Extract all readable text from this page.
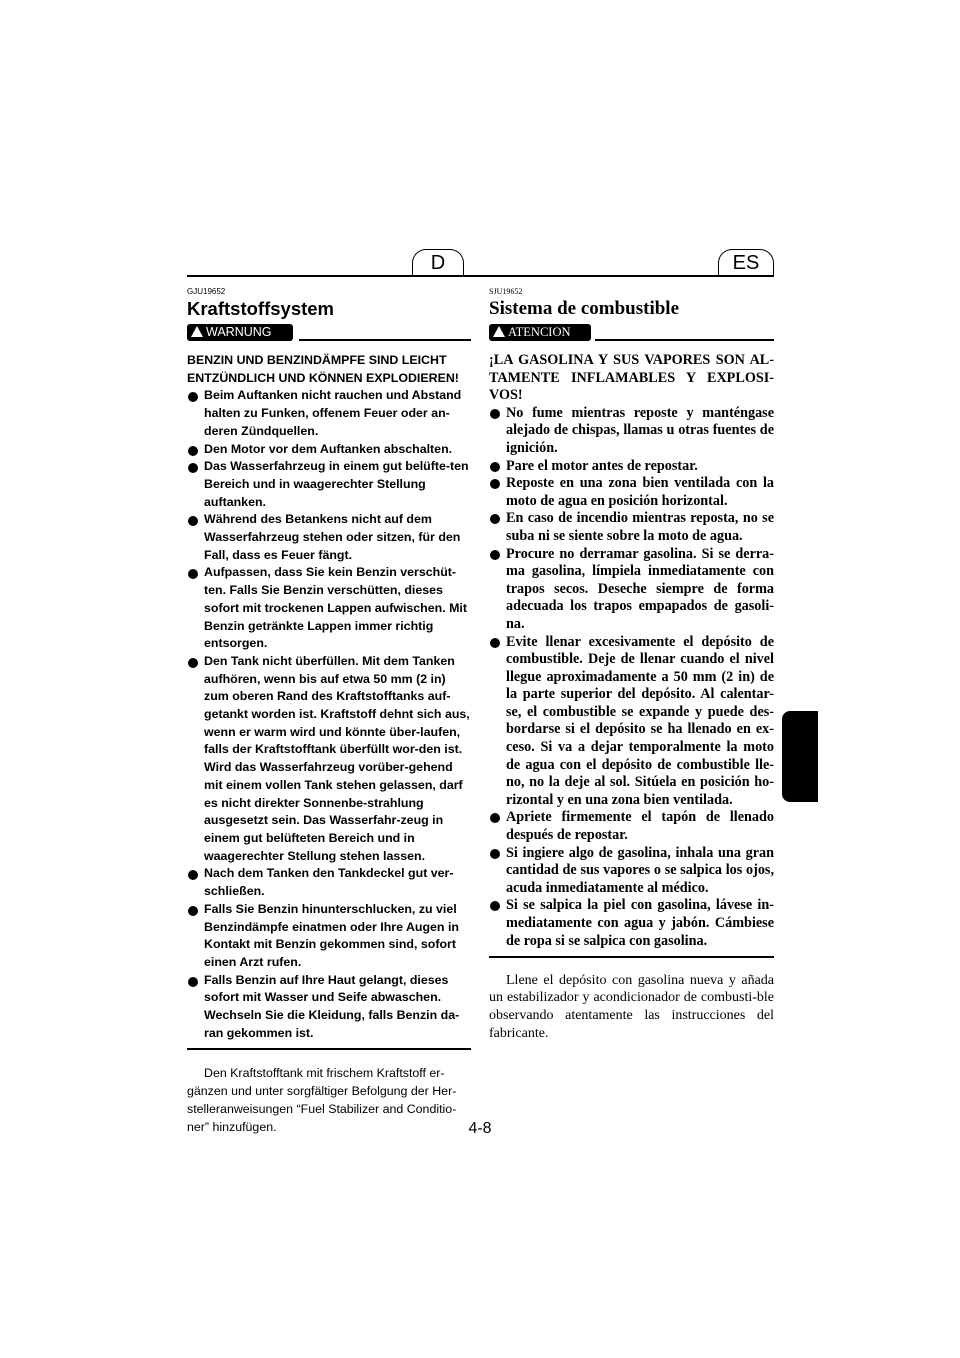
D	ES
GJU19652
Kraftstoffsystem
WARNUNG

BENZIN UND BENZINDÄMPFE SIND LEICHT ENTZÜNDLICH UND KÖNNEN EXPLODIEREN!

Beim Auftanken nicht rauchen und Abstand halten zu Funken, offenem Feuer oder an-deren Zündquellen.
Den Motor vor dem Auftanken abschalten.
Das Wasserfahrzeug in einem gut belüfte-ten Bereich und in waagerechter Stellung auftanken.
Während des Betankens nicht auf dem Wasserfahrzeug stehen oder sitzen, für den Fall, dass es Feuer fängt.
Aufpassen, dass Sie kein Benzin verschüt-ten. Falls Sie Benzin verschütten, dieses sofort mit trockenen Lappen aufwischen. Mit Benzin getränkte Lappen immer richtig entsorgen.
Den Tank nicht überfüllen. Mit dem Tanken aufhören, wenn bis auf etwa 50 mm (2 in) zum oberen Rand des Kraftstofftanks auf-getankt worden ist. Kraftstoff dehnt sich aus, wenn er warm wird und könnte über-laufen, falls der Kraftstofftank überfüllt wor-den ist. Wird das Wasserfahrzeug vorüber-gehend mit einem vollen Tank stehen gelassen, darf es nicht direkter Sonnenbe-strahlung ausgesetzt sein. Das Wasserfahr-zeug in einem gut belüfteten Bereich und in waagerechter Stellung stehen lassen.
Nach dem Tanken den Tankdeckel gut ver-schließen.
Falls Sie Benzin hinunterschlucken, zu viel Benzindämpfe einatmen oder Ihre Augen in Kontakt mit Benzin gekommen sind, sofort einen Arzt rufen.
Falls Benzin auf Ihre Haut gelangt, dieses sofort mit Wasser und Seife abwaschen. Wechseln Sie die Kleidung, falls Benzin da-ran gekommen ist.
Den Kraftstofftank mit frischem Kraftstoff er-gänzen und unter sorgfältiger Befolgung der Her-stelleranweisungen “Fuel Stabilizer and Conditio-ner” hinzufügen.
SJU19652
Sistema de combustible
ATENCION

¡LA GASOLINA Y SUS VAPORES SON AL-TAMENTE INFLAMABLES Y EXPLOSI-VOS!

No fume mientras reposte y manténgase alejado de chispas, llamas u otras fuentes de ignición.
Pare el motor antes de repostar.
Reposte en una zona bien ventilada con la moto de agua en posición horizontal.
En caso de incendio mientras reposta, no se suba ni se siente sobre la moto de agua.
Procure no derramar gasolina. Si se derra-ma gasolina, límpiela inmediatamente con trapos secos. Deseche siempre de forma adecuada los trapos empapados de gasoli-na.
Evite llenar excesivamente el depósito de combustible. Deje de llenar cuando el nivel llegue aproximadamente a 50 mm (2 in) de la parte superior del depósito. Al calentar-se, el combustible se expande y puede des-bordarse si el depósito se ha llenado en ex-ceso. Si va a dejar temporalmente la moto de agua con el depósito de combustible lle-no, no la deje al sol. Sitúela en posición ho-rizontal y en una zona bien ventilada.
Apriete firmemente el tapón de llenado después de repostar.
Si ingiere algo de gasolina, inhala una gran cantidad de sus vapores o se salpica los ojos, acuda inmediatamente al médico.
Si se salpica la piel con gasolina, lávese in-mediatamente con agua y jabón. Cámbiese de ropa si se salpica con gasolina.
Llene el depósito con gasolina nueva y añada un estabilizador y acondicionador de combusti-ble observando atentamente las instrucciones del fabricante.
4-8
